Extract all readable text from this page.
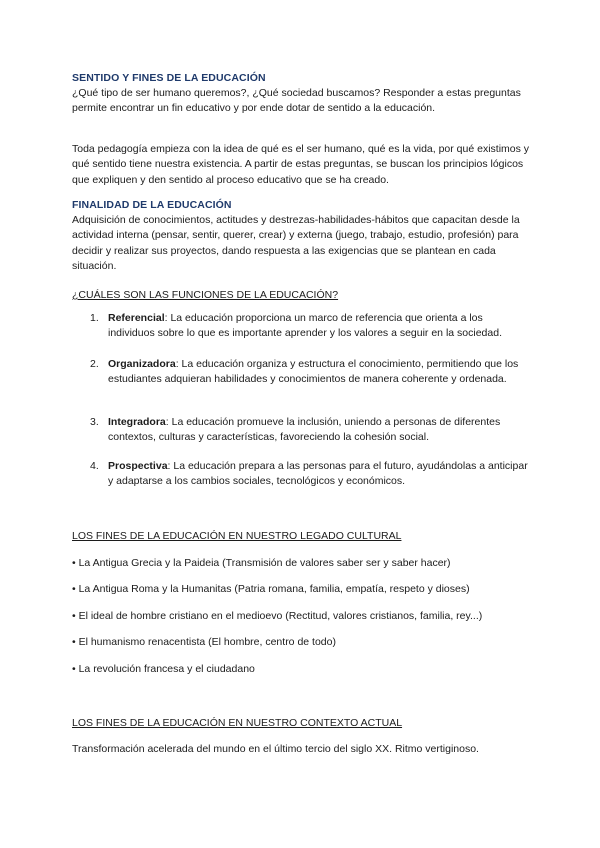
SENTIDO Y FINES DE LA EDUCACIÓN
¿Qué tipo de ser humano queremos?, ¿Qué sociedad buscamos? Responder a estas preguntas permite encontrar un fin educativo y por ende dotar de sentido a la educación.
Toda pedagogía empieza con la idea de qué es el ser humano, qué es la vida, por qué existimos y qué sentido tiene nuestra existencia. A partir de estas preguntas, se buscan los principios lógicos que expliquen y den sentido al proceso educativo que se ha creado.
FINALIDAD DE LA EDUCACIÓN
Adquisición de conocimientos, actitudes y destrezas-habilidades-hábitos que capacitan desde la actividad interna (pensar, sentir, querer, crear) y externa (juego, trabajo, estudio, profesión) para decidir y realizar sus proyectos, dando respuesta a las exigencias que se plantean en cada situación.
¿CUÁLES SON LAS FUNCIONES DE LA EDUCACIÓN?
1. Referencial: La educación proporciona un marco de referencia que orienta a los individuos sobre lo que es importante aprender y los valores a seguir en la sociedad.
2. Organizadora: La educación organiza y estructura el conocimiento, permitiendo que los estudiantes adquieran habilidades y conocimientos de manera coherente y ordenada.
3. Integradora: La educación promueve la inclusión, uniendo a personas de diferentes contextos, culturas y características, favoreciendo la cohesión social.
4. Prospectiva: La educación prepara a las personas para el futuro, ayudándolas a anticipar y adaptarse a los cambios sociales, tecnológicos y económicos.
LOS FINES DE LA EDUCACIÓN EN NUESTRO LEGADO CULTURAL
• La Antigua Grecia y la Paideia (Transmisión de valores saber ser y saber hacer)
• La Antigua Roma y la Humanitas (Patria romana, familia, empatía, respeto y dioses)
• El ideal de hombre cristiano en el medioevo (Rectitud, valores cristianos, familia, rey...)
• El humanismo renacentista (El hombre, centro de todo)
• La revolución francesa y el ciudadano
LOS FINES DE LA EDUCACIÓN EN NUESTRO CONTEXTO ACTUAL
Transformación acelerada del mundo en el último tercio del siglo XX. Ritmo vertiginoso.
